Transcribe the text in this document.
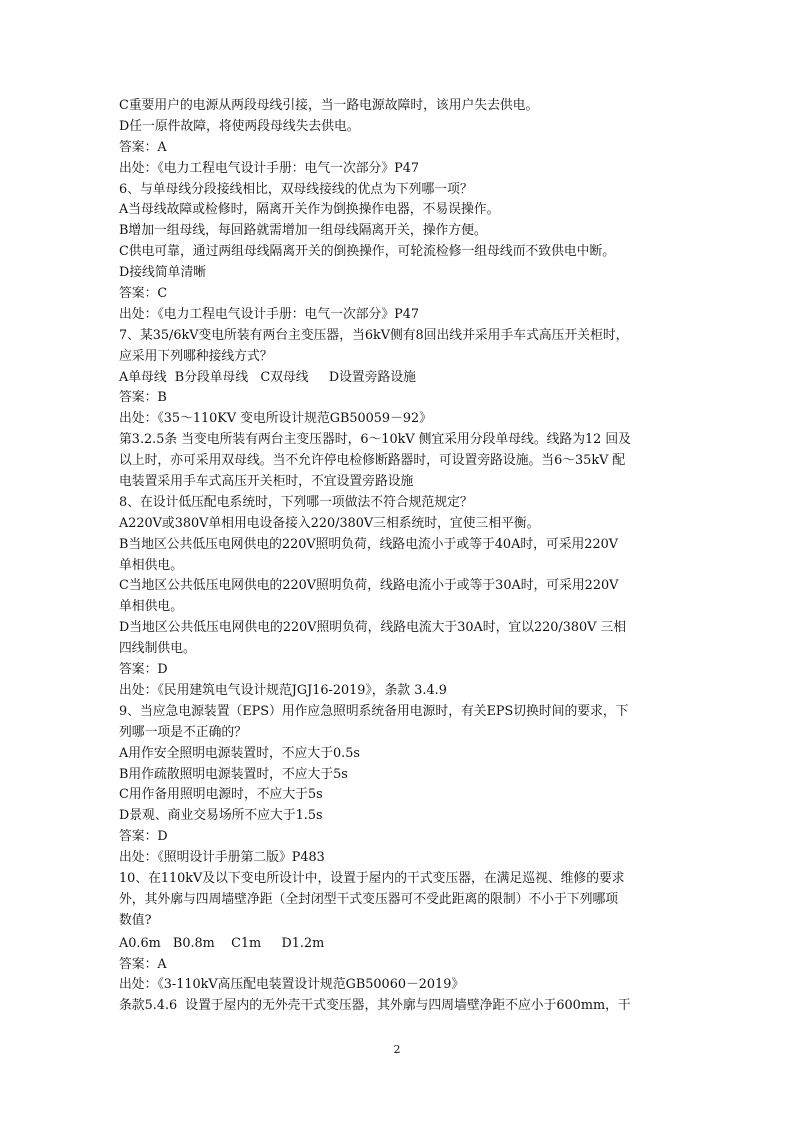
C重要用户的电源从两段母线引接，当一路电源故障时，该用户失去供电。
D任一原件故障，将使两段母线失去供电。
答案：A
出处：《电力工程电气设计手册：电气一次部分》P47
6、与单母线分段接线相比，双母线接线的优点为下列哪一项？
A当母线故障或检修时，隔离开关作为倒换操作电器，不易误操作。
B增加一组母线，每回路就需增加一组母线隔离开关，操作方便。
C供电可靠，通过两组母线隔离开关的倒换操作，可轮流检修一组母线而不致供电中断。
D接线简单清晰
答案：C
出处：《电力工程电气设计手册：电气一次部分》P47
7、某35/6kV变电所装有两台主变压器，当6kV侧有8回出线并采用手车式高压开关柜时，
应采用下列哪种接线方式？
A单母线  B分段单母线   C双母线     D设置旁路设施
答案：B
出处：《35～110KV 变电所设计规范GB50059－92》
第3.2.5条 当变电所装有两台主变压器时，6～10kV 侧宜采用分段单母线。线路为12 回及
以上时，亦可采用双母线。当不允许停电检修断路器时，可设置旁路设施。当6～35kV 配
电装置采用手车式高压开关柜时，不宜设置旁路设施
8、在设计低压配电系统时，下列哪一项做法不符合规范规定？
A220V或380V单相用电设备接入220/380V三相系统时，宜使三相平衡。
B当地区公共低压电网供电的220V照明负荷，线路电流小于或等于40A时，可采用220V
单相供电。
C当地区公共低压电网供电的220V照明负荷，线路电流小于或等于30A时，可采用220V
单相供电。
D当地区公共低压电网供电的220V照明负荷，线路电流大于30A时，宜以220/380V 三相
四线制供电。
答案：D
出处：《民用建筑电气设计规范JGJ16-2019》，条款 3.4.9
9、当应急电源装置（EPS）用作应急照明系统备用电源时，有关EPS切换时间的要求，下
列哪一项是不正确的？
A用作安全照明电源装置时，不应大于0.5s
B用作疏散照明电源装置时，不应大于5s
C用作备用照明电源时，不应大于5s
D景观、商业交易场所不应大于1.5s
答案：D
出处：《照明设计手册第二版》P483
10、在110kV及以下变电所设计中，设置于屋内的干式变压器，在满足巡视、维修的要求
外，其外廓与四周墙壁净距（全封闭型干式变压器可不受此距离的限制）不小于下列哪项
数值?
A0.6m   B0.8m    C1m     D1.2m
答案：A
出处：《3-110kV高压配电装置设计规范GB50060－2019》
条款5.4.6  设置于屋内的无外壳干式变压器，其外廓与四周墙壁净距不应小于600mm，干
2
